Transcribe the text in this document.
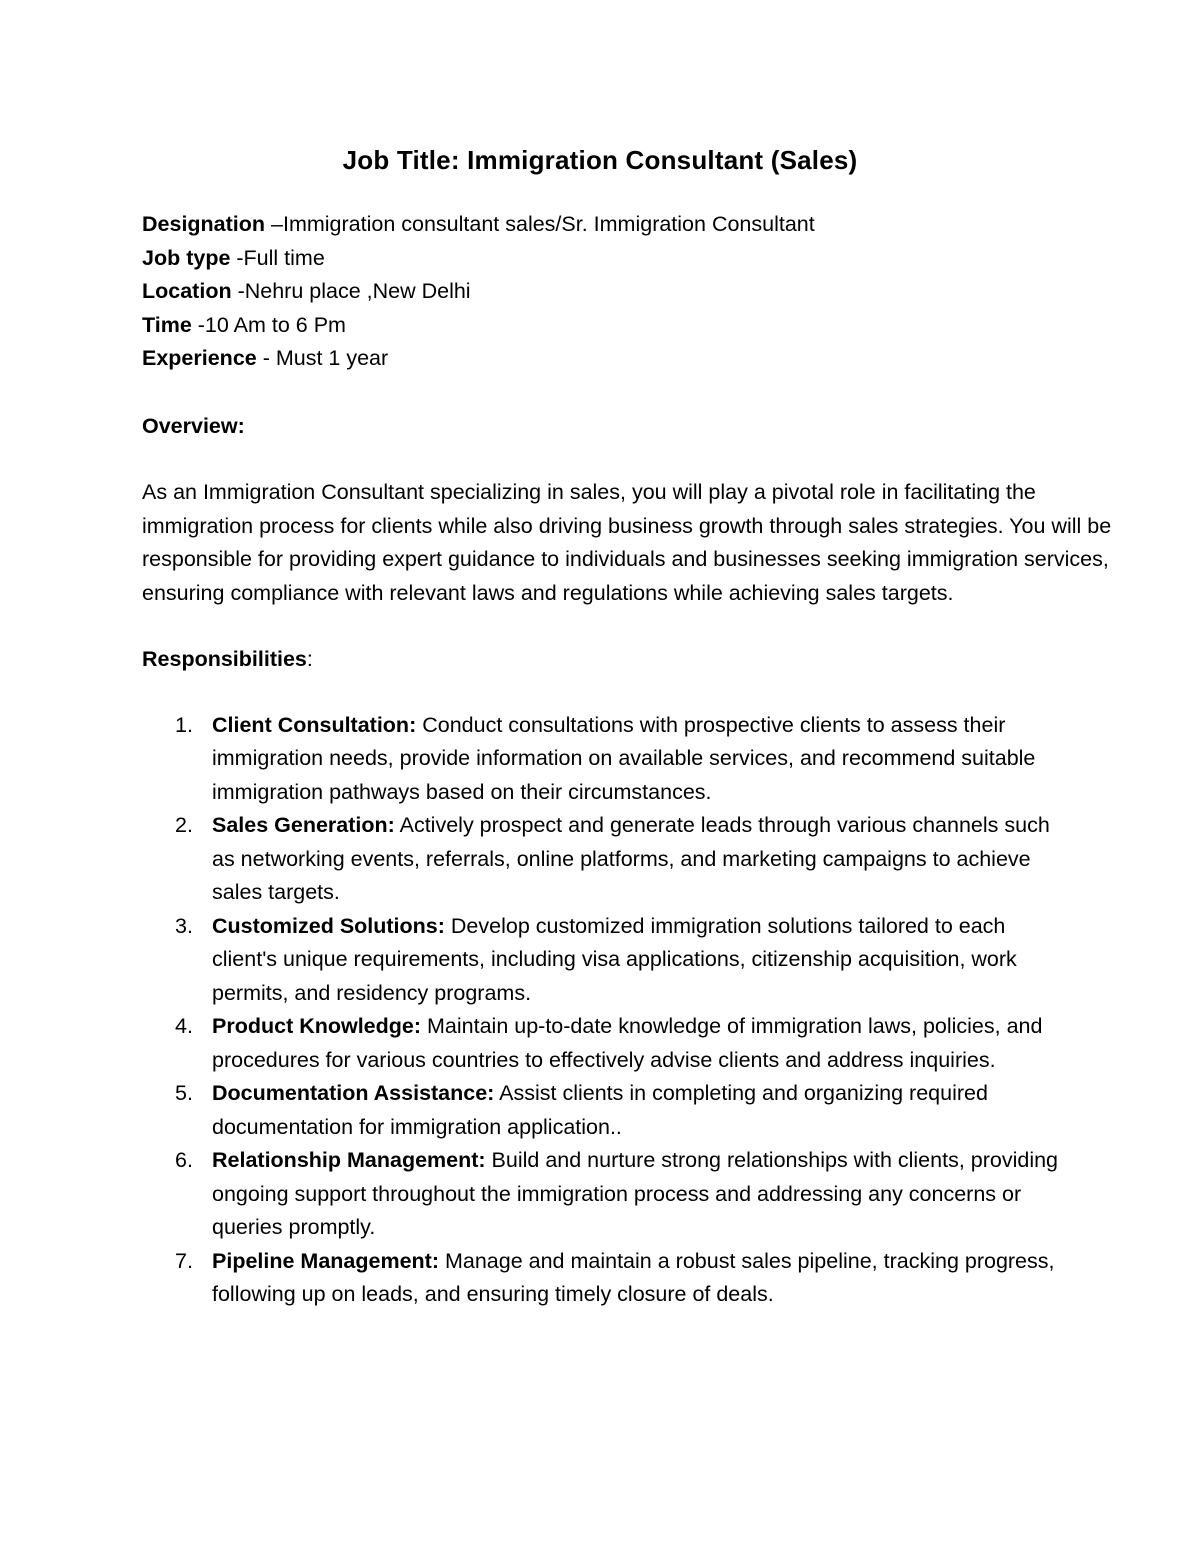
Job Title: Immigration Consultant (Sales)

Designation –Immigration consultant sales/Sr. Immigration Consultant

Job type -Full time

Location -Nehru place ,New Delhi

Time -10 Am to 6 Pm

Experience - Must 1 year

Overview:

As an Immigration Consultant specializing in sales, you will play a pivotal role in facilitating the immigration process for clients while also driving business growth through sales strategies. You will be responsible for providing expert guidance to individuals and businesses seeking immigration services, ensuring compliance with relevant laws and regulations while achieving sales targets.

Responsibilities:

1. Client Consultation: Conduct consultations with prospective clients to assess their immigration needs, provide information on available services, and recommend suitable immigration pathways based on their circumstances.
2. Sales Generation: Actively prospect and generate leads through various channels such as networking events, referrals, online platforms, and marketing campaigns to achieve sales targets.
3. Customized Solutions: Develop customized immigration solutions tailored to each client's unique requirements, including visa applications, citizenship acquisition, work permits, and residency programs.
4. Product Knowledge: Maintain up-to-date knowledge of immigration laws, policies, and procedures for various countries to effectively advise clients and address inquiries.
5. Documentation Assistance: Assist clients in completing and organizing required documentation for immigration application..
6. Relationship Management: Build and nurture strong relationships with clients, providing ongoing support throughout the immigration process and addressing any concerns or queries promptly.
7. Pipeline Management: Manage and maintain a robust sales pipeline, tracking progress, following up on leads, and ensuring timely closure of deals.
